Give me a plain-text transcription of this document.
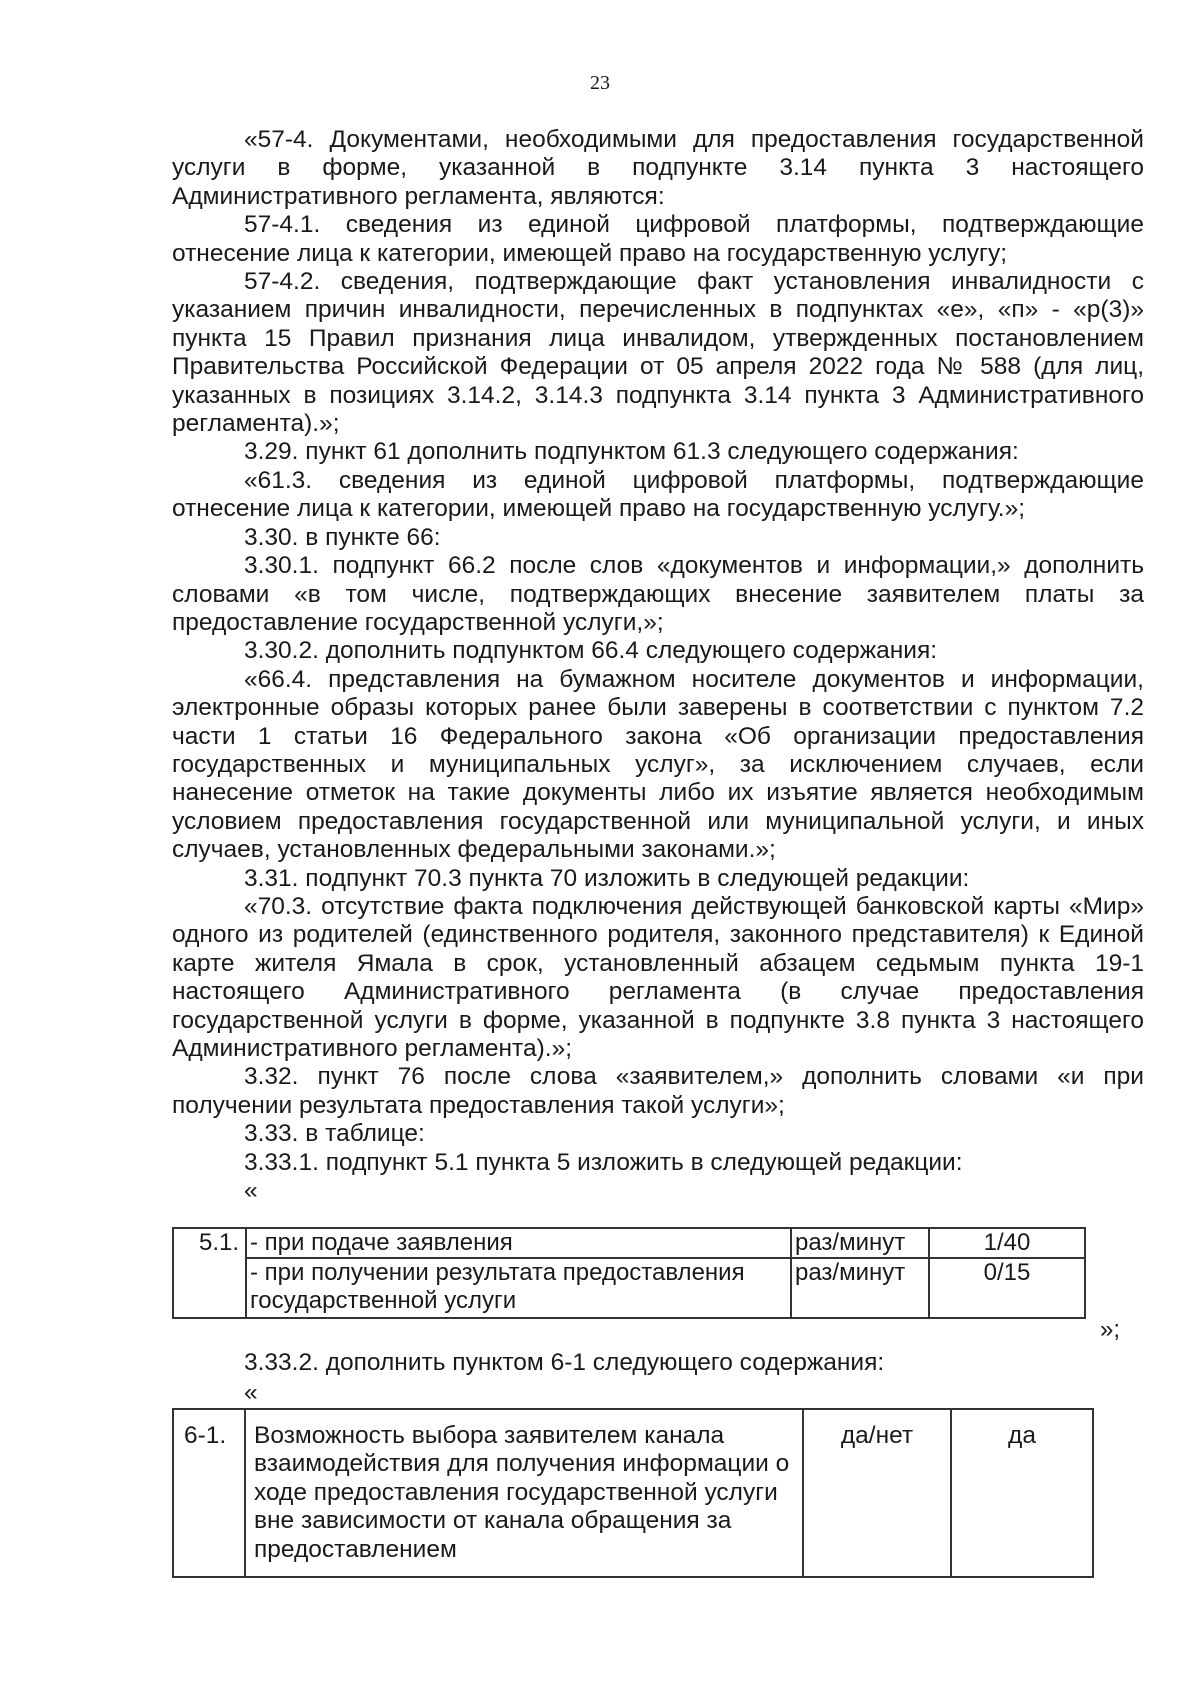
23

«57-4. Документами, необходимыми для предоставления государственной услуги в форме, указанной в подпункте 3.14 пункта 3 настоящего Административного регламента, являются:

57-4.1. сведения из единой цифровой платформы, подтверждающие отнесение лица к категории, имеющей право на государственную услугу;

57-4.2. сведения, подтверждающие факт установления инвалидности с указанием причин инвалидности, перечисленных в подпунктах «е», «п» - «р(3)» пункта 15 Правил признания лица инвалидом, утвержденных постановлением Правительства Российской Федерации от 05 апреля 2022 года № 588 (для лиц, указанных в позициях 3.14.2, 3.14.3 подпункта 3.14 пункта 3 Административного регламента).»;

3.29. пункт 61 дополнить подпунктом 61.3 следующего содержания:

«61.3. сведения из единой цифровой платформы, подтверждающие отнесение лица к категории, имеющей право на государственную услугу.»;

3.30. в пункте 66:

3.30.1. подпункт 66.2 после слов «документов и информации,» дополнить словами «в том числе, подтверждающих внесение заявителем платы за предоставление государственной услуги,»;

3.30.2. дополнить подпунктом 66.4 следующего содержания:

«66.4. представления на бумажном носителе документов и информации, электронные образы которых ранее были заверены в соответствии с пунктом 7.2 части 1 статьи 16 Федерального закона «Об организации предоставления государственных и муниципальных услуг», за исключением случаев, если нанесение отметок на такие документы либо их изъятие является необходимым условием предоставления государственной или муниципальной услуги, и иных случаев, установленных федеральными законами.»;

3.31. подпункт 70.3 пункта 70 изложить в следующей редакции:

«70.3. отсутствие факта подключения действующей банковской карты «Мир» одного из родителей (единственного родителя, законного представителя) к Единой карте жителя Ямала в срок, установленный абзацем седьмым пункта 19-1 настоящего Административного регламента (в случае предоставления государственной услуги в форме, указанной в подпункте 3.8 пункта 3 настоящего Административного регламента).»;

3.32. пункт 76 после слова «заявителем,» дополнить словами «и при получении результата предоставления такой услуги»;

3.33. в таблице:

3.33.1. подпункт 5.1 пункта 5 изложить в следующей редакции:

«
5.1.	- при подаче заявления	раз/минут	1/40
	- при получении результата предоставления государственной услуги	раз/минут	0/15
»;
3.33.2. дополнить пунктом 6-1 следующего содержания:
«
6-1.	Возможность выбора заявителем канала взаимодействия для получения информации о ходе предоставления государственной услуги вне зависимости от канала обращения за предоставлением	да/нет	да
